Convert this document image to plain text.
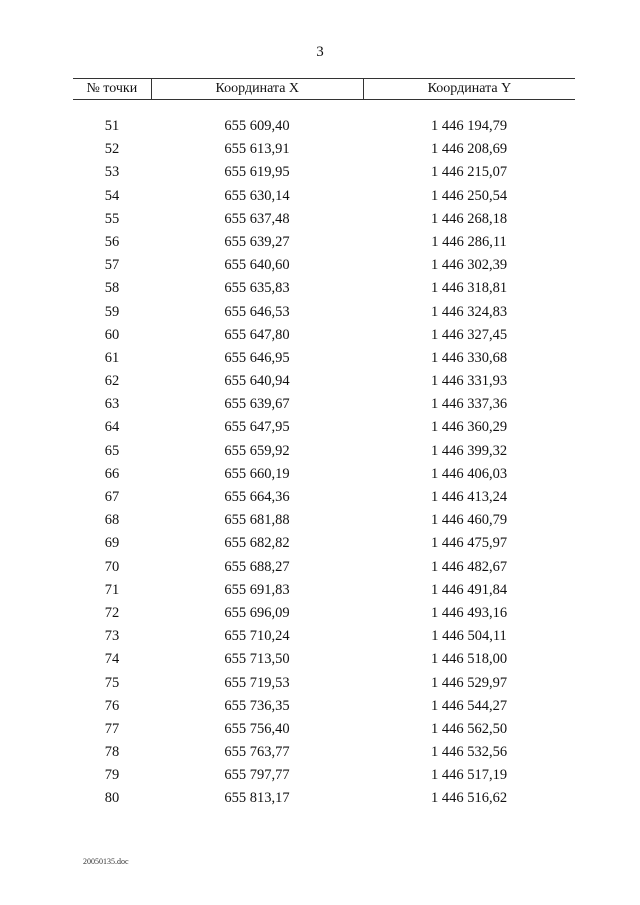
3
№ точки	Координата X	Координата Y
51	655 609,40	1 446 194,79
52	655 613,91	1 446 208,69
53	655 619,95	1 446 215,07
54	655 630,14	1 446 250,54
55	655 637,48	1 446 268,18
56	655 639,27	1 446 286,11
57	655 640,60	1 446 302,39
58	655 635,83	1 446 318,81
59	655 646,53	1 446 324,83
60	655 647,80	1 446 327,45
61	655 646,95	1 446 330,68
62	655 640,94	1 446 331,93
63	655 639,67	1 446 337,36
64	655 647,95	1 446 360,29
65	655 659,92	1 446 399,32
66	655 660,19	1 446 406,03
67	655 664,36	1 446 413,24
68	655 681,88	1 446 460,79
69	655 682,82	1 446 475,97
70	655 688,27	1 446 482,67
71	655 691,83	1 446 491,84
72	655 696,09	1 446 493,16
73	655 710,24	1 446 504,11
74	655 713,50	1 446 518,00
75	655 719,53	1 446 529,97
76	655 736,35	1 446 544,27
77	655 756,40	1 446 562,50
78	655 763,77	1 446 532,56
79	655 797,77	1 446 517,19
80	655 813,17	1 446 516,62
20050135.doc
